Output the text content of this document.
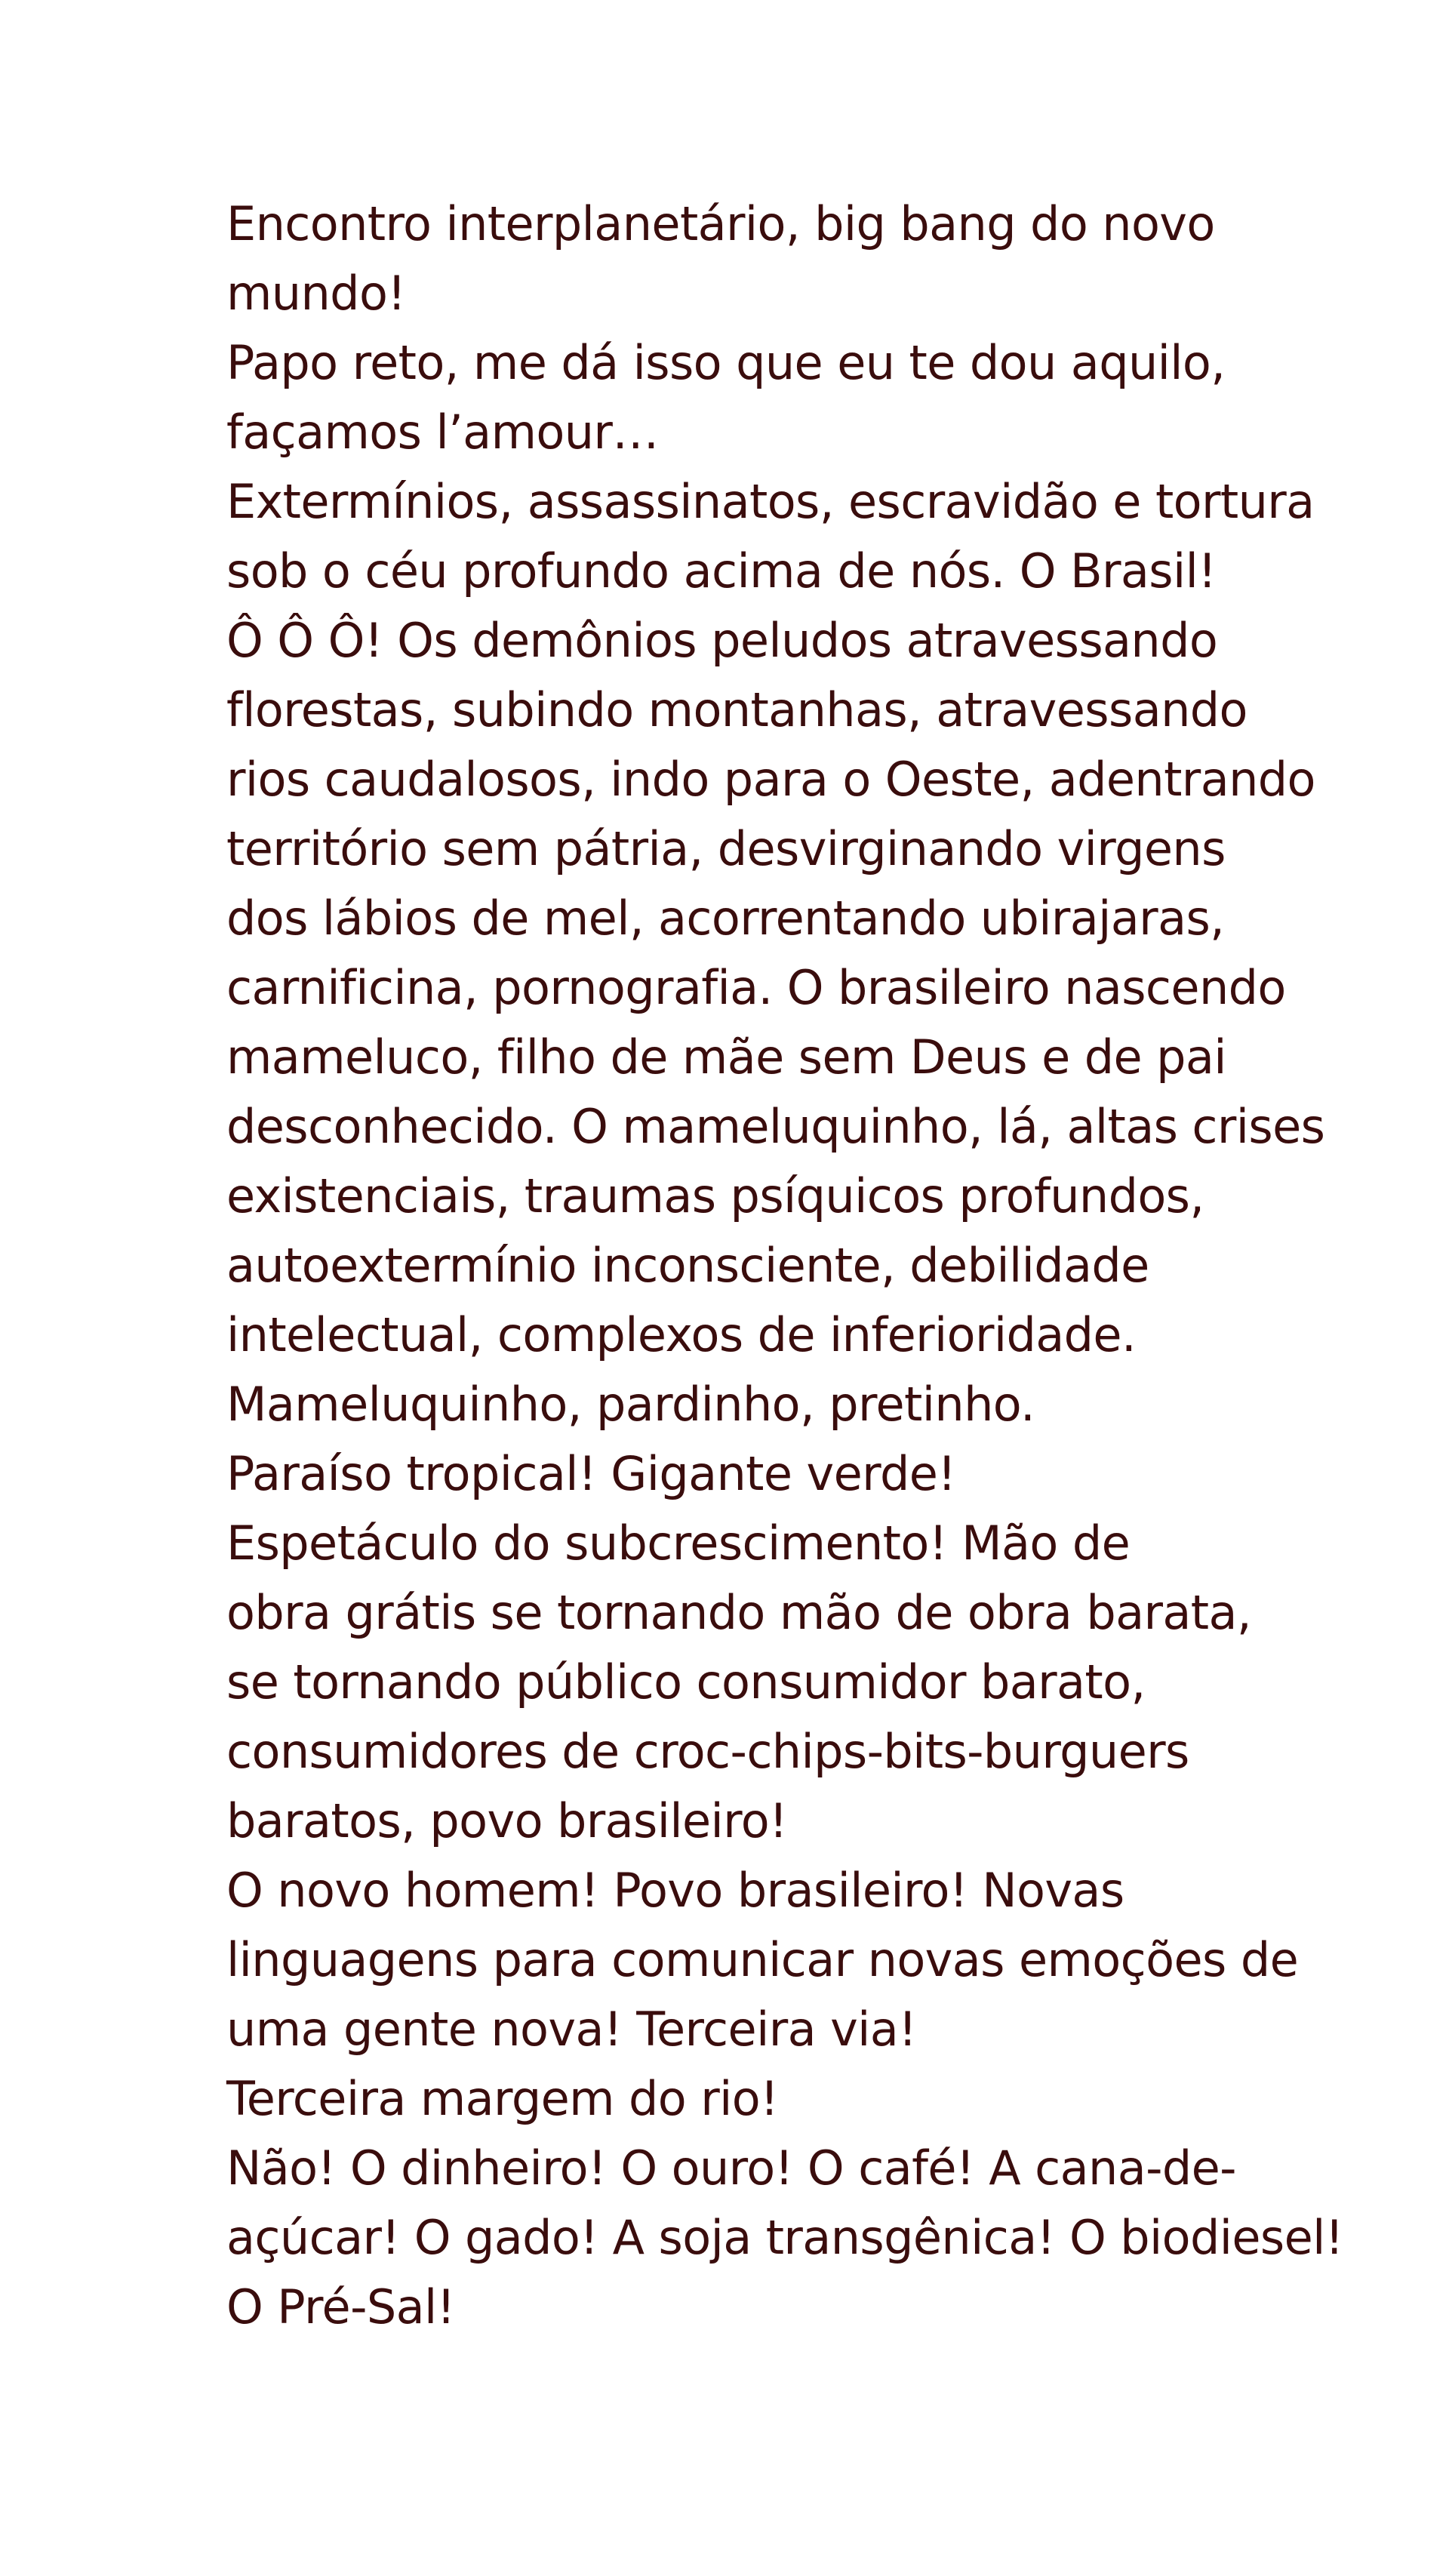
Encontro interplanetário, big bang do novo

mundo!

Papo reto, me dá isso que eu te dou aquilo,

façamos l’amour…

Extermínios, assassinatos, escravidão e tortura

sob o céu profundo acima de nós. O Brasil!

Ô Ô Ô! Os demônios peludos atravessando

florestas, subindo montanhas, atravessando

rios caudalosos, indo para o Oeste, adentrando

território sem pátria, desvirginando virgens

dos lábios de mel, acorrentando ubirajaras,

carnificina, pornografia. O brasileiro nascendo

mameluco, filho de mãe sem Deus e de pai

desconhecido. O mameluquinho, lá, altas crises

existenciais, traumas psíquicos profundos,

autoextermínio inconsciente, debilidade

intelectual, complexos de inferioridade.

Mameluquinho, pardinho, pretinho.

Paraíso tropical! Gigante verde!

Espetáculo do subcrescimento! Mão de

obra grátis se tornando mão de obra barata,

se tornando público consumidor barato,

consumidores de croc-chips-bits-burguers

baratos, povo brasileiro!

O novo homem! Povo brasileiro! Novas

linguagens para comunicar novas emoções de

uma gente nova! Terceira via!

Terceira margem do rio!

Não! O dinheiro! O ouro! O café! A cana-de-

açúcar! O gado! A soja transgênica! O biodiesel!

O Pré-Sal!
